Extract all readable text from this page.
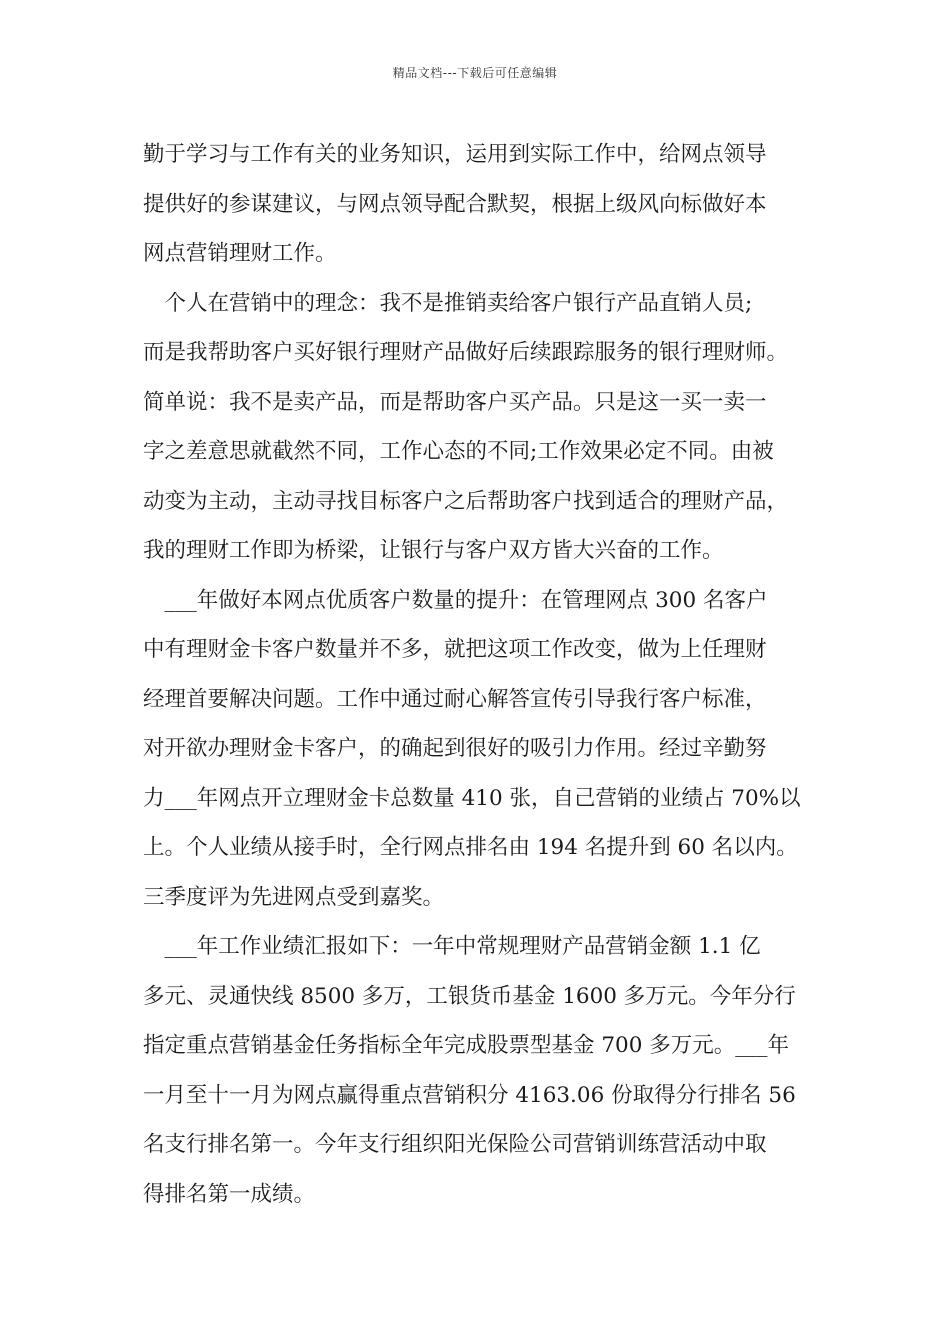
精品文档---下载后可任意编辑
勤于学习与工作有关的业务知识，运用到实际工作中，给网点领导
提供好的参谋建议，与网点领导配合默契，根据上级风向标做好本
网点营销理财工作。
　个人在营销中的理念：我不是推销卖给客户银行产品直销人员;
而是我帮助客户买好银行理财产品做好后续跟踪服务的银行理财师。
简单说：我不是卖产品，而是帮助客户买产品。只是这一买一卖一
字之差意思就截然不同，工作心态的不同;工作效果必定不同。由被
动变为主动，主动寻找目标客户之后帮助客户找到适合的理财产品，
我的理财工作即为桥梁，让银行与客户双方皆大兴奋的工作。
　___年做好本网点优质客户数量的提升：在管理网点 300 名客户
中有理财金卡客户数量并不多，就把这项工作改变，做为上任理财
经理首要解决问题。工作中通过耐心解答宣传引导我行客户标准，
对开欲办理财金卡客户，的确起到很好的吸引力作用。经过辛勤努
力___年网点开立理财金卡总数量 410 张，自己营销的业绩占 70%以
上。个人业绩从接手时，全行网点排名由 194 名提升到 60 名以内。
三季度评为先进网点受到嘉奖。
　___年工作业绩汇报如下：一年中常规理财产品营销金额 1.1 亿
多元、灵通快线 8500 多万，工银货币基金 1600 多万元。今年分行
指定重点营销基金任务指标全年完成股票型基金 700 多万元。___年
一月至十一月为网点赢得重点营销积分 4163.06 份取得分行排名 56
名支行排名第一。今年支行组织阳光保险公司营销训练营活动中取
得排名第一成绩。
